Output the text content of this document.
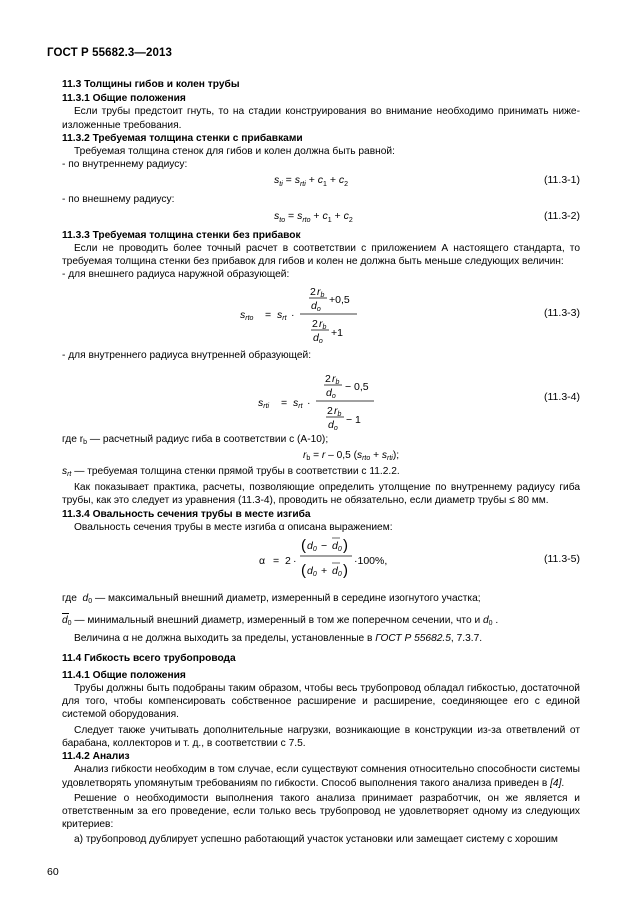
ГОСТ Р 55682.3—2013

11.3 Толщины гибов и колен трубы

11.3.1 Общие положения

Если трубы предстоит гнуть, то на стадии конструирования во внимание необходимо принимать ниже-изложенные требования.

11.3.2 Требуемая толщина стенки с прибавками

Требуемая толщина стенок для гибов и колен должна быть равной:

- по внутреннему радиусу:

$s_{ti} = s_{rti} + c_1 + c_2$	(11.3-1)

- по внешнему радиусу:

$s_{to} = s_{rto} + c_1 + c_2$	(11.3-2)

11.3.3 Требуемая толщина стенки без прибавок

Если не проводить более точный расчет в соответствии с приложением А настоящего стандарта, то требуемая толщина стенки без прибавок для гибов и колен не должна быть меньше следующих величин:

- для внешнего радиуса наружной образующей:

srto = srt ·
2 rb
do
+0,5
2 rb
do
+1
(11.3-3)

- для внутреннего радиуса внутренней образующей:

srti = srt ·
2 rb
do
− 0,5
2 rb
do
− 1
(11.3-4)

где $r_b$ — расчетный радиус гиба в соответствии с (А-10);

$r_b = r - 0,5$ $(s_{rto} + s_{rti})$;

$s_{rt}$ — требуемая толщина стенки прямой трубы в соответствии с 11.2.2.

Как показывает практика, расчеты, позволяющие определить утолщение по внутреннему радиусу гиба трубы, как это следует из уравнения (11.3-4), проводить не обязательно, если диаметр трубы ≤ 80 мм.

11.3.4 Овальность сечения трубы в месте изгиба

Овальность сечения трубы в месте изгиба α описана выражением:

α = 2 ·
( d0 − d0 )
( d0 + d0 )
·100%,	(11.3-5)

где  $d_0$ — максимальный внешний диаметр, измеренный в середине изогнутого участка;

$d_0$
— минимальный внешний диаметр, измеренный в том же поперечном сечении, что и $d_0$ .

Величина α не должна выходить за пределы, установленные в ГОСТ Р 55682.5, 7.3.7.

11.4 Гибкость всего трубопровода

11.4.1 Общие положения

Трубы должны быть подобраны таким образом, чтобы весь трубопровод обладал гибкостью, достаточной для того, чтобы компенсировать собственное расширение и расширение, соединяющее его с единой системой оборудования.

Следует также учитывать дополнительные нагрузки, возникающие в конструкции из-за ответвлений от барабана, коллекторов и т. д., в соответствии с 7.5.

11.4.2 Анализ

Анализ гибкости необходим в том случае, если существуют сомнения относительно способности системы удовлетворять упомянутым требованиям по гибкости. Способ выполнения такого анализа приведен в [4].

Решение о необходимости выполнения такого анализа принимает разработчик, он же является и ответственным за его проведение, если только весь трубопровод не удовлетворяет одному из следующих критериев:

а) трубопровод дублирует успешно работающий участок установки или замещает систему с хорошим

60
